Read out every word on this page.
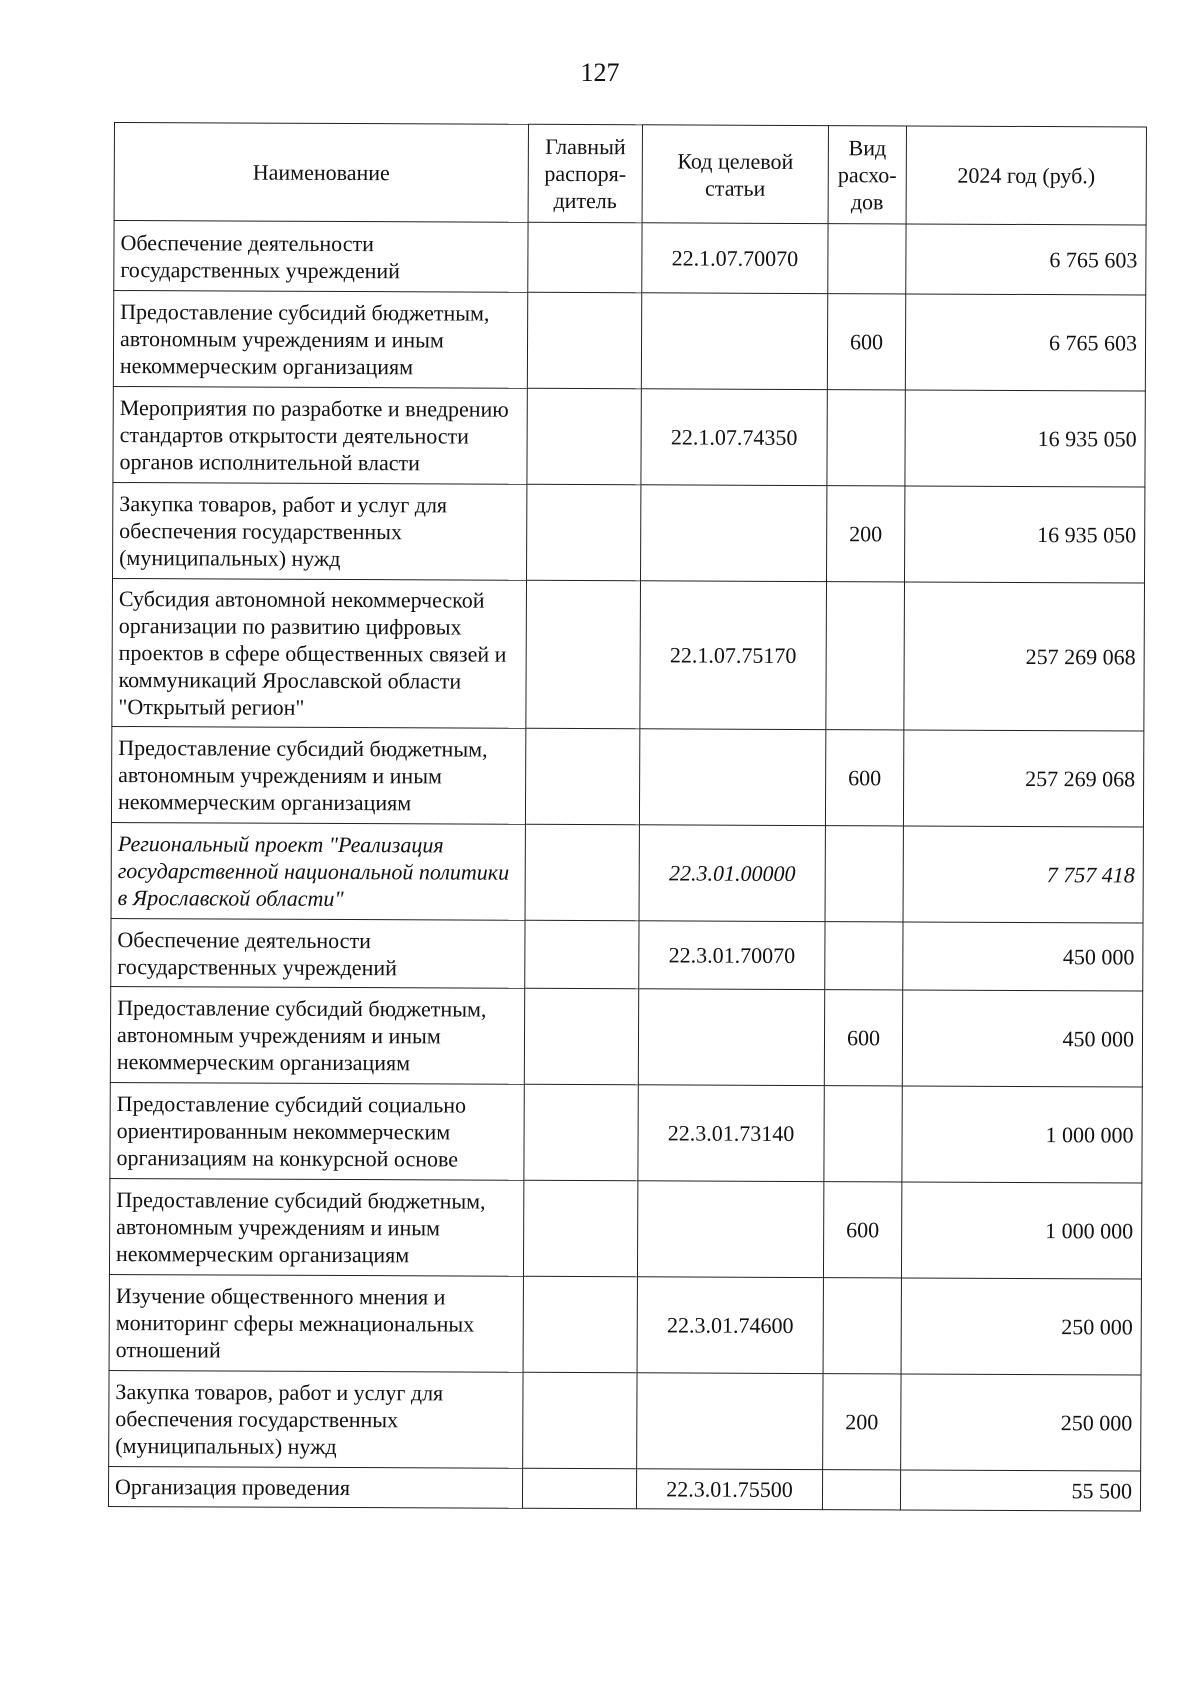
127
Наименование	Главный распоря-дитель	Код целевой статьи	Вид расхо-дов	2024 год (руб.)
Обеспечение деятельности государственных учреждений		22.1.07.70070		6 765 603
Предоставление субсидий бюджетным, автономным учреждениям и иным некоммерческим организациям			600	6 765 603
Мероприятия по разработке и внедрению стандартов открытости деятельности органов исполнительной власти		22.1.07.74350		16 935 050
Закупка товаров, работ и услуг для обеспечения государственных (муниципальных) нужд			200	16 935 050
Субсидия автономной некоммерческой организации по развитию цифровых проектов в сфере общественных связей и коммуникаций Ярославской области "Открытый регион"		22.1.07.75170		257 269 068
Предоставление субсидий бюджетным, автономным учреждениям и иным некоммерческим организациям			600	257 269 068
Региональный проект "Реализация государственной национальной политики в Ярославской области"		22.3.01.00000		7 757 418
Обеспечение деятельности государственных учреждений		22.3.01.70070		450 000
Предоставление субсидий бюджетным, автономным учреждениям и иным некоммерческим организациям			600	450 000
Предоставление субсидий социально ориентированным некоммерческим организациям на конкурсной основе		22.3.01.73140		1 000 000
Предоставление субсидий бюджетным, автономным учреждениям и иным некоммерческим организациям			600	1 000 000
Изучение общественного мнения и мониторинг сферы межнациональных отношений		22.3.01.74600		250 000
Закупка товаров, работ и услуг для обеспечения государственных (муниципальных) нужд			200	250 000
Организация проведения		22.3.01.75500		55 500
